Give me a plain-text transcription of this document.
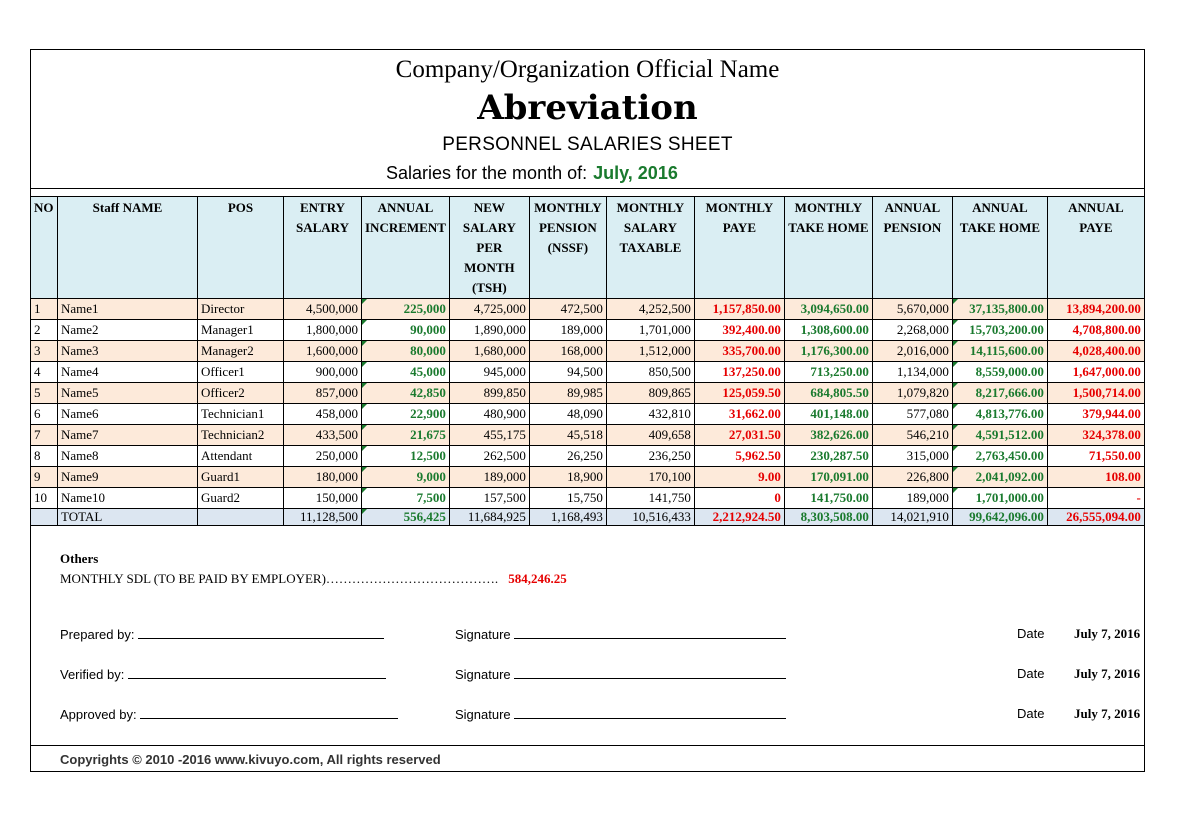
Company/Organization Official Name
Abreviation
PERSONNEL SALARIES SHEET
Salaries for the month of: July, 2016
NO	Staff NAME	POS	ENTRY SALARY	ANNUAL INCREMENT	NEW SALARY PER MONTH (TSH)	MONTHLY PENSION (NSSF)	MONTHLY SALARY TAXABLE	MONTHLY PAYE	MONTHLY TAKE HOME	ANNUAL PENSION	ANNUAL TAKE HOME	ANNUAL PAYE
1	Name1	Director	4,500,000	225,000	4,725,000	472,500	4,252,500	1,157,850.00	3,094,650.00	5,670,000	37,135,800.00	13,894,200.00
2	Name2	Manager1	1,800,000	90,000	1,890,000	189,000	1,701,000	392,400.00	1,308,600.00	2,268,000	15,703,200.00	4,708,800.00
3	Name3	Manager2	1,600,000	80,000	1,680,000	168,000	1,512,000	335,700.00	1,176,300.00	2,016,000	14,115,600.00	4,028,400.00
4	Name4	Officer1	900,000	45,000	945,000	94,500	850,500	137,250.00	713,250.00	1,134,000	8,559,000.00	1,647,000.00
5	Name5	Officer2	857,000	42,850	899,850	89,985	809,865	125,059.50	684,805.50	1,079,820	8,217,666.00	1,500,714.00
6	Name6	Technician1	458,000	22,900	480,900	48,090	432,810	31,662.00	401,148.00	577,080	4,813,776.00	379,944.00
7	Name7	Technician2	433,500	21,675	455,175	45,518	409,658	27,031.50	382,626.00	546,210	4,591,512.00	324,378.00
8	Name8	Attendant	250,000	12,500	262,500	26,250	236,250	5,962.50	230,287.50	315,000	2,763,450.00	71,550.00
9	Name9	Guard1	180,000	9,000	189,000	18,900	170,100	9.00	170,091.00	226,800	2,041,092.00	108.00
10	Name10	Guard2	150,000	7,500	157,500	15,750	141,750	0	141,750.00	189,000	1,701,000.00	-
	TOTAL		11,128,500	556,425	11,684,925	1,168,493	10,516,433	2,212,924.50	8,303,508.00	14,021,910	99,642,096.00	26,555,094.00
Others
MONTHLY SDL (TO BE PAID BY EMPLOYER)…………………………………. 584,246.25
Prepared by:	Signature	Date July 7, 2016
Verified by:	Signature	Date July 7, 2016
Approved by:	Signature	Date July 7, 2016
Copyrights © 2010 -2016 www.kivuyo.com, All rights reserved
